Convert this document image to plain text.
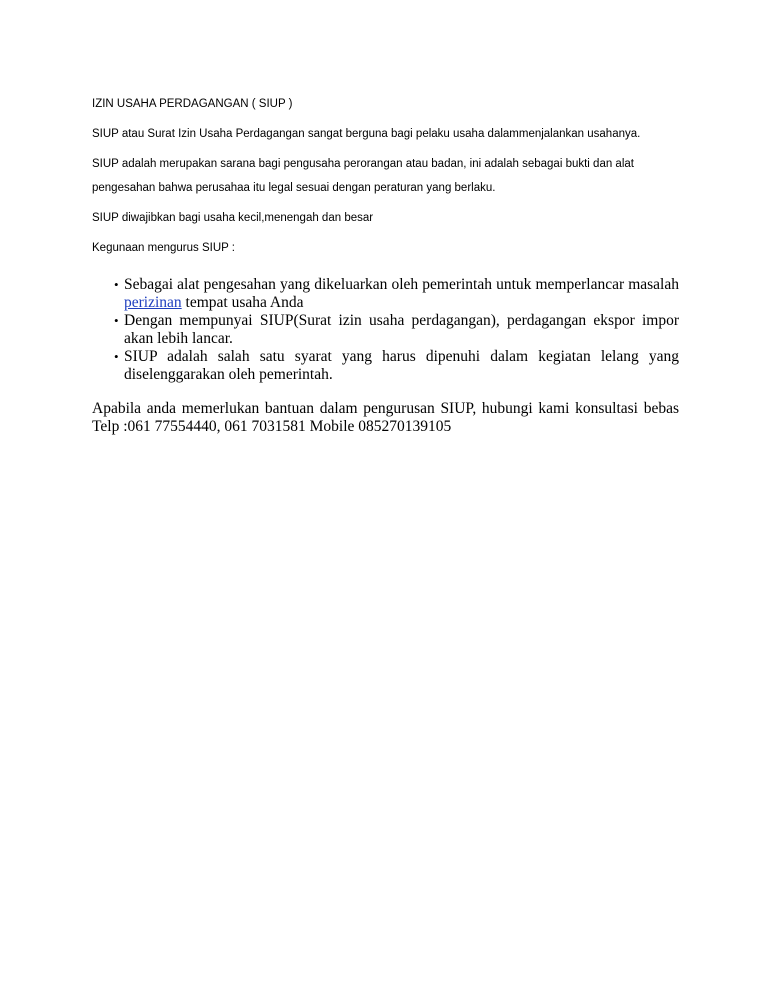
IZIN USAHA PERDAGANGAN ( SIUP )

SIUP atau Surat Izin Usaha Perdagangan sangat berguna bagi pelaku usaha dalammenjalankan usahanya.

SIUP adalah merupakan sarana bagi pengusaha perorangan atau badan, ini adalah sebagai bukti dan alat pengesahan bahwa perusahaa itu legal sesuai dengan peraturan yang berlaku.

SIUP diwajibkan bagi usaha kecil,menengah dan besar

Kegunaan mengurus SIUP :

• Sebagai alat pengesahan yang dikeluarkan oleh pemerintah untuk memperlancar masalah perizinan tempat usaha Anda
• Dengan mempunyai SIUP(Surat izin usaha perdagangan), perdagangan ekspor impor akan lebih lancar.
• SIUP adalah salah satu syarat yang harus dipenuhi dalam kegiatan lelang yang diselenggarakan oleh pemerintah.

Apabila anda memerlukan bantuan dalam pengurusan SIUP, hubungi kami konsultasi bebas Telp :061 77554440, 061 7031581 Mobile 085270139105
